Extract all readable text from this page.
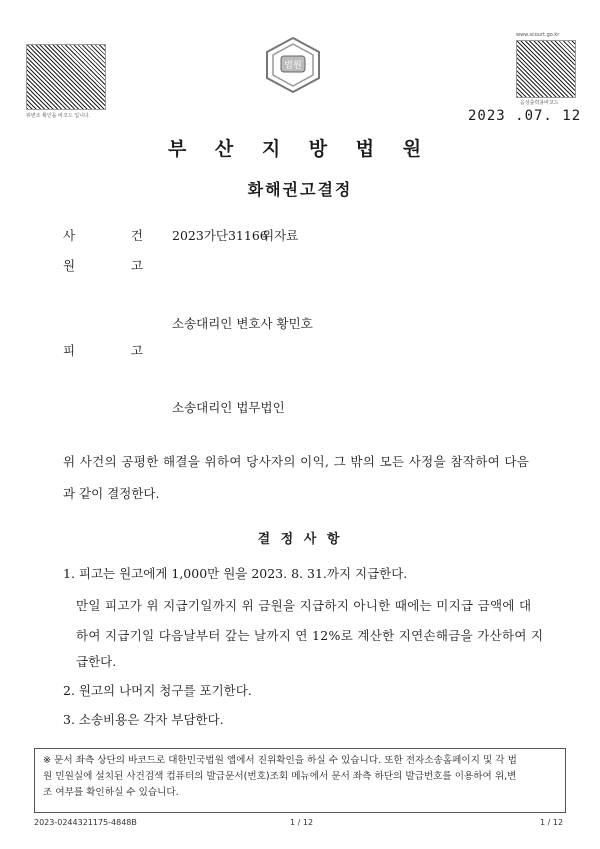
위변조 확인을 바코드 입니다.
www.scourt.go.kr
음성출력용바코드
법원
2023 .07. 12
부 산 지 방 법 원
화해권고결정
사	건 2023가단31166
위자료
원	고
소송대리인 변호사 황민호
피	고
소송대리인 법무법인
위 사건의 공평한 해결을 위하여 당사자의 이익, 그 밖의 모든 사정을 참작하여 다음
과 같이 결정한다.
결 정 사 항
1. 피고는 원고에게 1,000만 원을 2023. 8. 31.까지 지급한다.
만일 피고가 위 지급기일까지 위 금원을 지급하지 아니한 때에는 미지급 금액에 대
하여 지급기일 다음날부터 갚는 날까지 연 12%로 계산한 지연손해금을 가산하여 지
급한다.
2. 원고의 나머지 청구를 포기한다.
3. 소송비용은 각자 부담한다.
※ 문서 좌측 상단의 바코드로 대한민국법원 앱에서 진위확인을 하실 수 있습니다. 또한 전자소송홈페이지 및 각 법
원 민원실에 설치된 사건검색 컴퓨터의 발급문서(번호)조회 메뉴에서 문서 좌측 하단의 발급번호를 이용하여 위,변
조 여부를 확인하실 수 있습니다.
2023-0244321175-4848B	1 / 12	1 / 12
